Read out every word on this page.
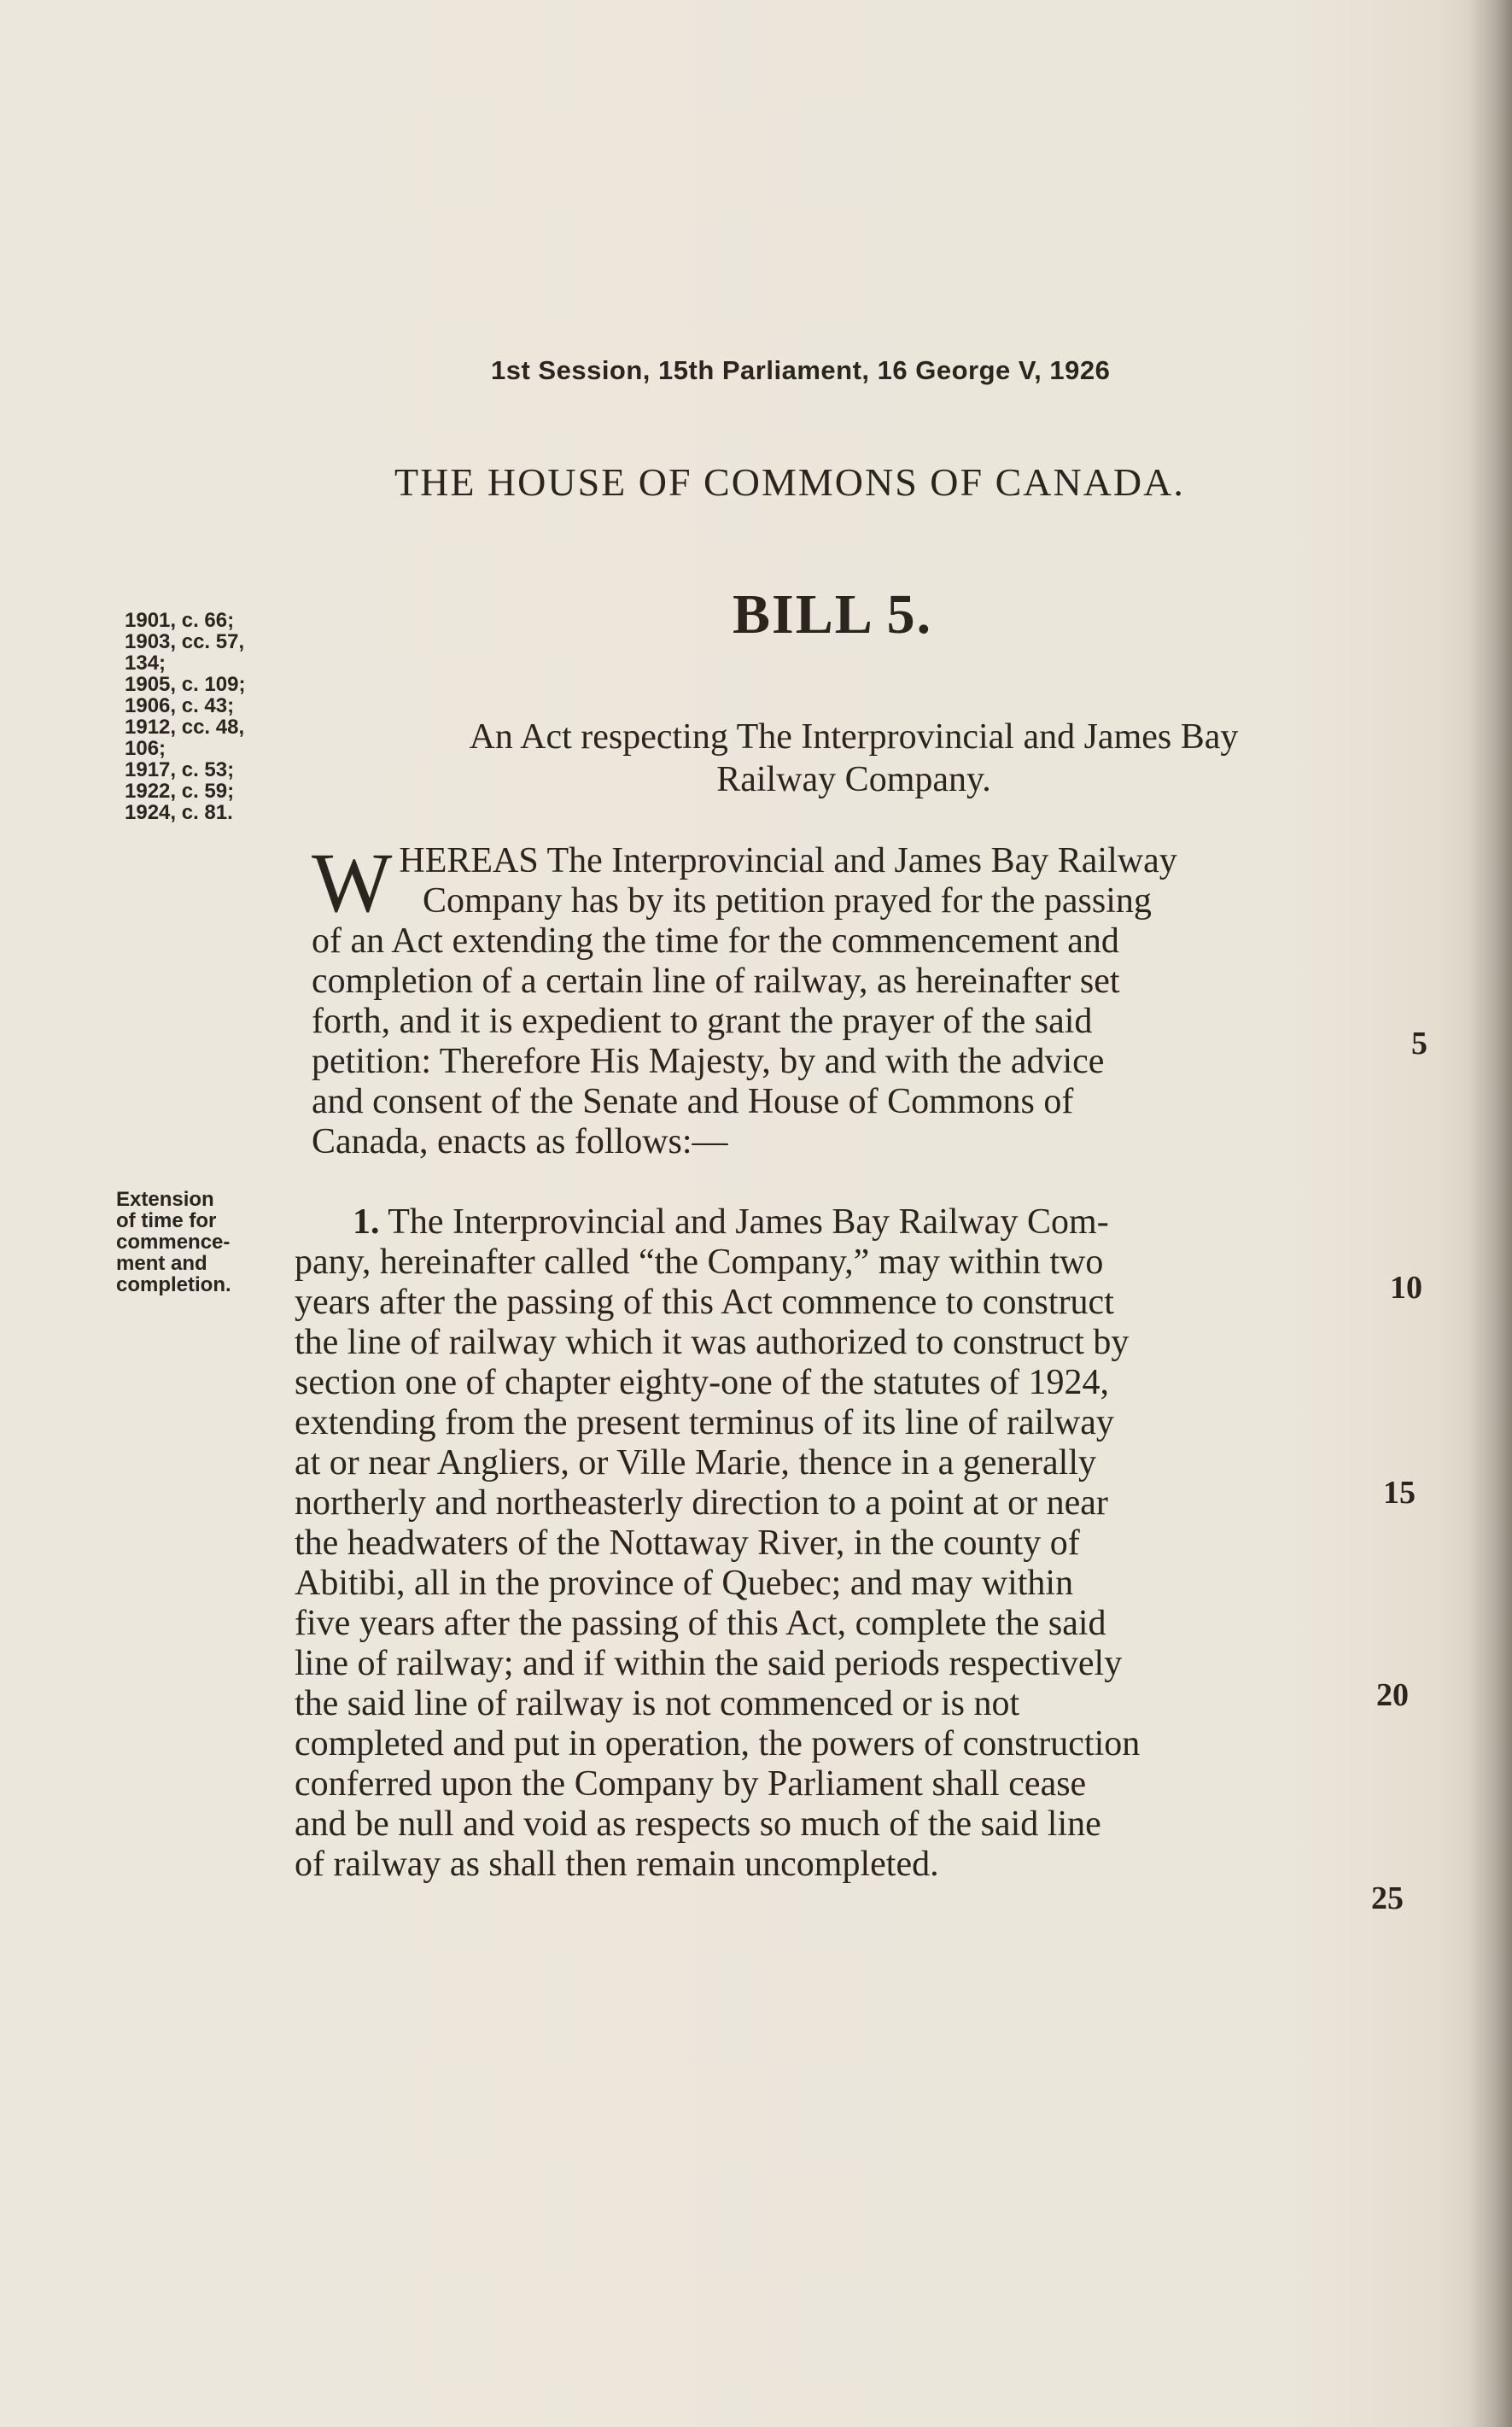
1st Session, 15th Parliament, 16 George V, 1926
THE HOUSE OF COMMONS OF CANADA.
BILL 5.
1901, c. 66;
1903, cc. 57,
134;
1905, c. 109;
1906, c. 43;
1912, cc. 48,
106;
1917, c. 53;
1922, c. 59;
1924, c. 81.
An Act respecting The Interprovincial and James Bay
Railway Company.
W HEREAS The Interprovincial and James Bay Railway
Company has by its petition prayed for the passing
of an Act extending the time for the commencement and
completion of a certain line of railway, as hereinafter set
forth, and it is expedient to grant the prayer of the said
petition: Therefore His Majesty, by and with the advice
and consent of the Senate and House of Commons of
Canada, enacts as follows:—
Extension
of time for
commence-
ment and
completion.
1. The Interprovincial and James Bay Railway Com-
pany, hereinafter called “the Company,” may within two
years after the passing of this Act commence to construct
the line of railway which it was authorized to construct by
section one of chapter eighty-one of the statutes of 1924,
extending from the present terminus of its line of railway
at or near Angliers, or Ville Marie, thence in a generally
northerly and northeasterly direction to a point at or near
the headwaters of the Nottaway River, in the county of
Abitibi, all in the province of Quebec; and may within
five years after the passing of this Act, complete the said
line of railway; and if within the said periods respectively
the said line of railway is not commenced or is not
completed and put in operation, the powers of construction
conferred upon the Company by Parliament shall cease
and be null and void as respects so much of the said line
of railway as shall then remain uncompleted.
5
10
15
20
25
